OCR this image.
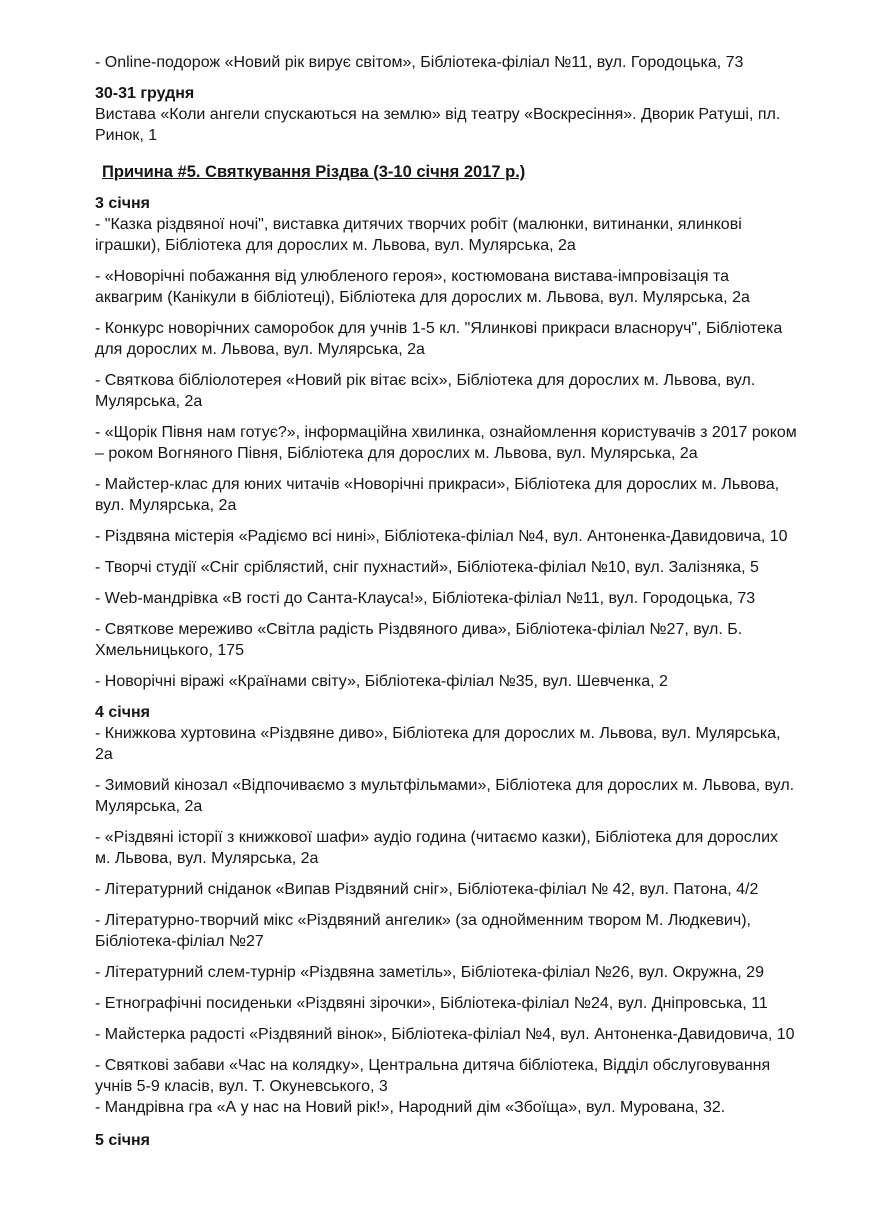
- Online-подорож «Новий рік вирує світом», Бібліотека-філіал №11, вул. Городоцька, 73

30-31 грудня

Вистава «Коли ангели спускаються на землю» від театру «Воскресіння». Дворик Ратуші, пл. Ринок, 1

Причина #5. Святкування Різдва (3-10 січня 2017 р.)

3 січня

- "Казка різдвяної ночі", виставка дитячих творчих робіт (малюнки, витинанки, ялинкові іграшки), Бібліотека для дорослих м. Львова, вул. Мулярська, 2а

- «Новорічні побажання від улюбленого героя», костюмована вистава-імпровізація та аквагрим (Канікули в бібліотеці), Бібліотека для дорослих м. Львова, вул. Мулярська, 2а

- Конкурс новорічних саморобок для учнів 1-5 кл. "Ялинкові прикраси власноруч", Бібліотека для дорослих м. Львова, вул. Мулярська, 2а

- Святкова бібліолотерея «Новий рік вітає всіх», Бібліотека для дорослих м. Львова, вул. Мулярська, 2а

- «Щорік Півня нам готує?», інформаційна хвилинка, ознайомлення користувачів з 2017 роком – роком Вогняного Півня, Бібліотека для дорослих м. Львова, вул. Мулярська, 2а

- Майстер-клас для юних читачів «Новорічні прикраси», Бібліотека для дорослих м. Львова, вул. Мулярська, 2а

- Різдвяна містерія «Радіємо всі нині», Бібліотека-філіал №4, вул. Антоненка-Давидовича, 10

- Творчі студії «Сніг сріблястий, сніг пухнастий», Бібліотека-філіал №10, вул. Залізняка, 5

- Web-мандрівка «В гості до Санта-Клауса!», Бібліотека-філіал №11, вул. Городоцька, 73

- Святкове мереживо «Світла радість Різдвяного дива», Бібліотека-філіал №27, вул. Б. Хмельницького, 175

- Новорічні віражі «Країнами світу», Бібліотека-філіал №35, вул. Шевченка, 2

4 січня

- Книжкова хуртовина «Різдвяне диво», Бібліотека для дорослих м. Львова, вул. Мулярська, 2а

- Зимовий кінозал «Відпочиваємо з мультфільмами», Бібліотека для дорослих м. Львова, вул. Мулярська, 2а

- «Різдвяні історії з книжкової шафи» аудіо година (читаємо казки), Бібліотека для дорослих м. Львова, вул. Мулярська, 2а

- Літературний сніданок «Випав Різдвяний сніг», Бібліотека-філіал № 42, вул. Патона, 4/2

- Літературно-творчий мікс «Різдвяний ангелик» (за однойменним твором М. Людкевич), Бібліотека-філіал №27

- Літературний слем-турнір «Різдвяна заметіль», Бібліотека-філіал №26, вул. Окружна, 29

- Етнографічні посиденьки «Різдвяні зірочки», Бібліотека-філіал №24, вул. Дніпровська, 11

- Майстерка радості «Різдвяний вінок», Бібліотека-філіал №4, вул. Антоненка-Давидовича, 10

- Святкові забави «Час на колядку», Центральна дитяча бібліотека, Відділ обслуговування учнів 5-9 класів, вул. Т. Окуневського, 3

- Мандрівна гра «А у нас на Новий рік!», Народний дім «Збоїща», вул. Мурована, 32.

5 січня
